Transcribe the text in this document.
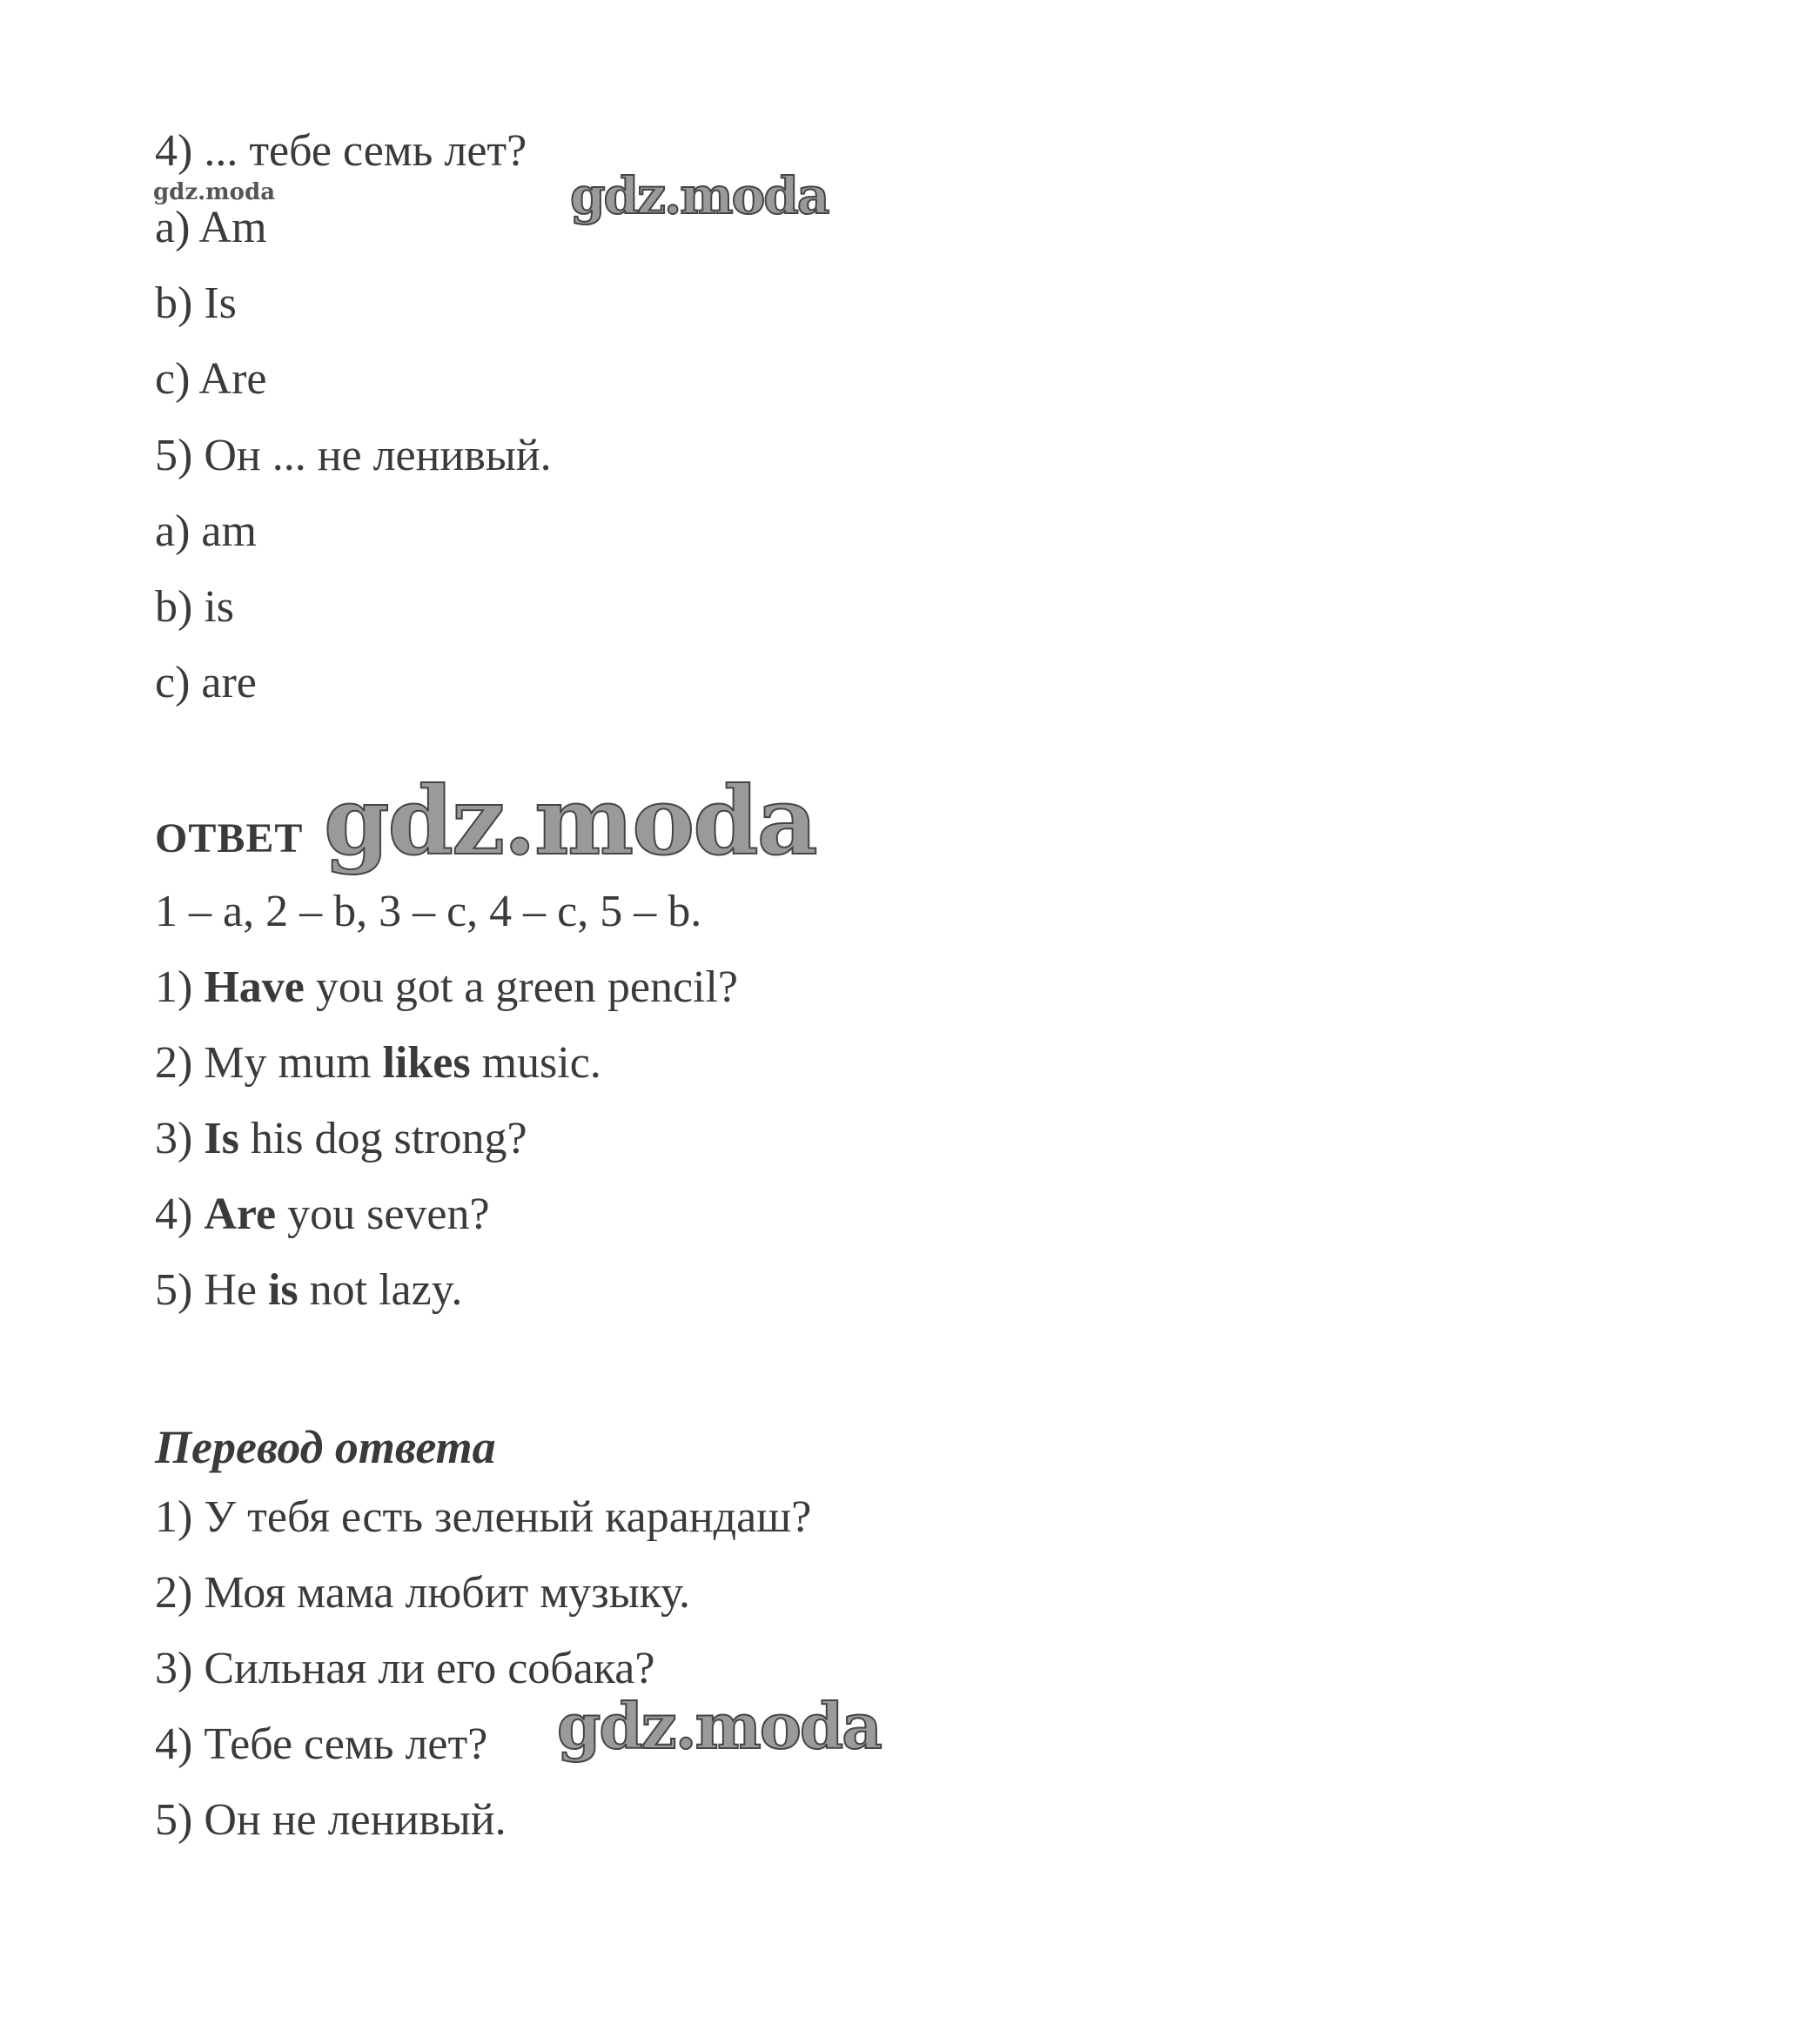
4) ... тебе семь лет?
gdz.moda	gdz.moda
a) Am
b) Is
c) Are
5) Он ... не ленивый.
a) am
b) is
c) are
ОТВЕТ gdz.moda
1 – a, 2 – b, 3 – c, 4 – c, 5 – b.
1) Have you got a green pencil?
2) My mum likes music.
3) Is his dog strong?
4) Are you seven?
5) He is not lazy.
Перевод ответа
1) У тебя есть зеленый карандаш?
2) Моя мама любит музыку.
3) Сильная ли его собака?
4) Тебе семь лет? gdz.moda
5) Он не ленивый.
